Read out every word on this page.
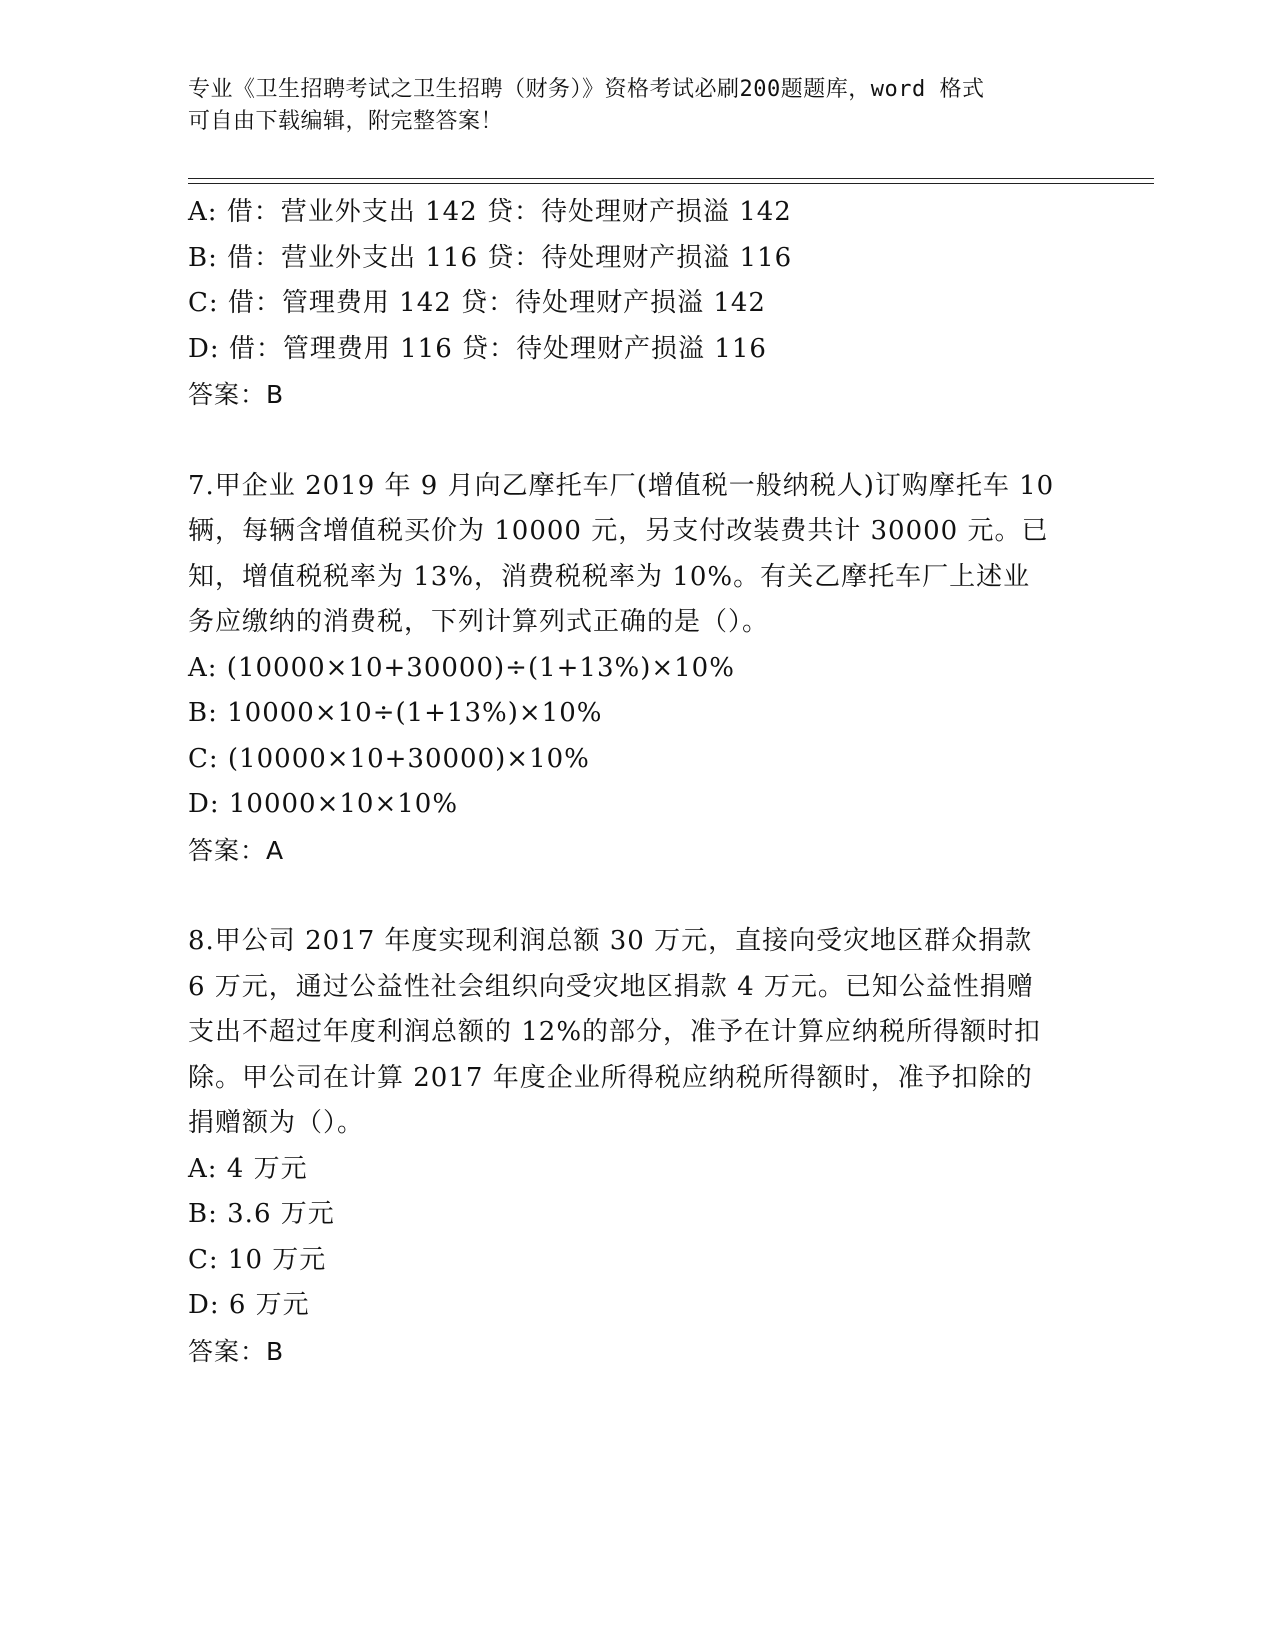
专业《卫生招聘考试之卫生招聘（财务）》资格考试必刷200题题库，word 格式
可自由下载编辑，附完整答案！
A: 借：营业外支出 142 贷：待处理财产损溢 142
B: 借：营业外支出 116 贷：待处理财产损溢 116
C: 借：管理费用 142 贷：待处理财产损溢 142
D: 借：管理费用 116 贷：待处理财产损溢 116
答案：B
7.甲企业 2019 年 9 月向乙摩托车厂(增值税一般纳税人)订购摩托车 10
辆，每辆含增值税买价为 10000 元，另支付改装费共计 30000 元。已
知，增值税税率为 13%，消费税税率为 10%。有关乙摩托车厂上述业
务应缴纳的消费税，下列计算列式正确的是（）。
A: (10000×10+30000)÷(1+13%)×10%
B: 10000×10÷(1+13%)×10%
C: (10000×10+30000)×10%
D: 10000×10×10%
答案：A
8.甲公司 2017 年度实现利润总额 30 万元，直接向受灾地区群众捐款
6 万元，通过公益性社会组织向受灾地区捐款 4 万元。已知公益性捐赠
支出不超过年度利润总额的 12%的部分，准予在计算应纳税所得额时扣
除。甲公司在计算 2017 年度企业所得税应纳税所得额时，准予扣除的
捐赠额为（）。
A: 4 万元
B: 3.6 万元
C: 10 万元
D: 6 万元
答案：B
